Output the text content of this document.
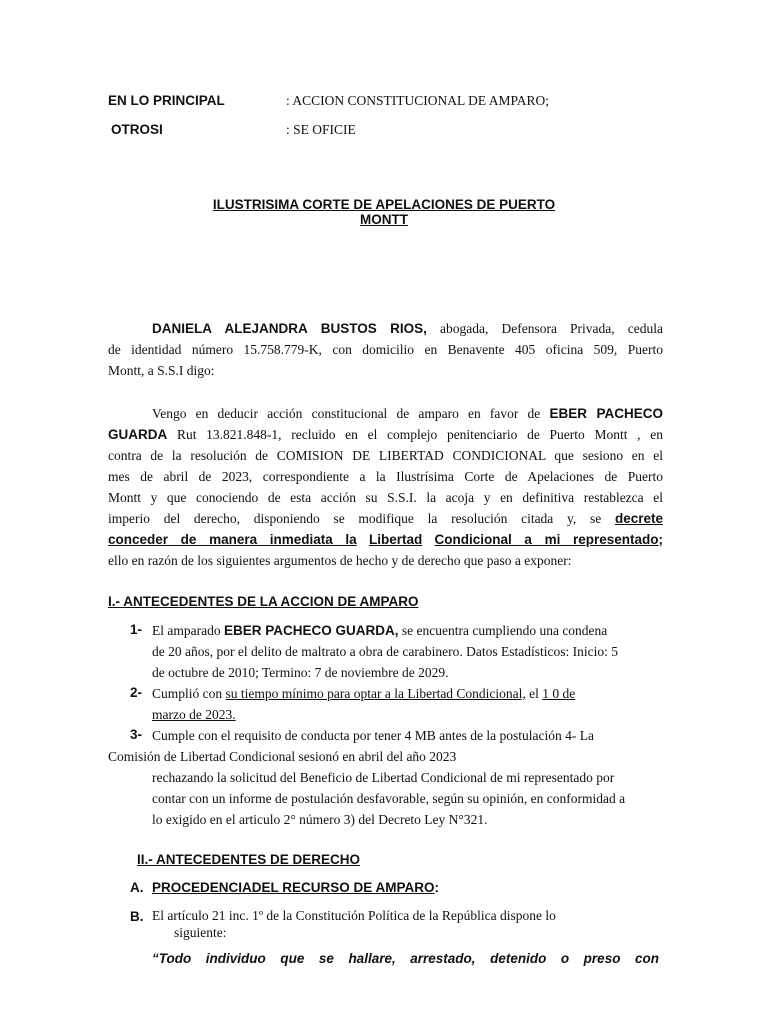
EN LO PRINCIPAL	: ACCION CONSTITUCIONAL DE AMPARO;
OTROSI	: SE OFICIE
ILUSTRISIMA CORTE DE APELACIONES DE PUERTO
MONTT
DANIELA ALEJANDRA BUSTOS RIOS, abogada, Defensora Privada, cedula
de identidad número 15.758.779-K, con domicilio en Benavente 405 oficina 509, Puerto
Montt, a S.S.I digo:
Vengo en deducir acción constitucional de amparo en favor de EBER PACHECO
GUARDA Rut 13.821.848-1, recluido en el complejo penitenciario de Puerto Montt , en
contra de la resolución de COMISION DE LIBERTAD CONDICIONAL que sesiono en el
mes de abril de 2023, correspondiente a la Ilustrísima Corte de Apelaciones de Puerto
Montt y que conociendo de esta acción su S.S.I. la acoja y en definitiva restablezca el
imperio del derecho, disponiendo se modifique la resolución citada y, se decrete
conceder de manera inmediata la Libertad Condicional a mi representado;
ello en razón de los siguientes argumentos de hecho y de derecho que paso a exponer:
I.- ANTECEDENTES DE LA ACCION DE AMPARO
1- El amparado EBER PACHECO GUARDA, se encuentra cumpliendo una condena
de 20 años, por el delito de maltrato a obra de carabinero. Datos Estadísticos: Inicio: 5
de octubre de 2010; Termino: 7 de noviembre de 2029.
2- Cumplió con su tiempo mínimo para optar a la Libertad Condicional, el 1 0 de
marzo de 2023.
3- Cumple con el requisito de conducta por tener 4 MB antes de la postulación 4- La
Comisión de Libertad Condicional sesionó en abril del año 2023
rechazando la solicitud del Beneficio de Libertad Condicional de mi representado por
contar con un informe de postulación desfavorable, según su opinión, en conformidad a
lo exigido en el articulo 2° número 3) del Decreto Ley N°321.
II.- ANTECEDENTES DE DERECHO
A. PROCEDENCIADEL RECURSO DE AMPARO:
B. El artículo 21 inc. 1º de la Constitución Política de la República dispone lo
siguiente:
“Todo individuo que se hallare, arrestado, detenido o preso con
